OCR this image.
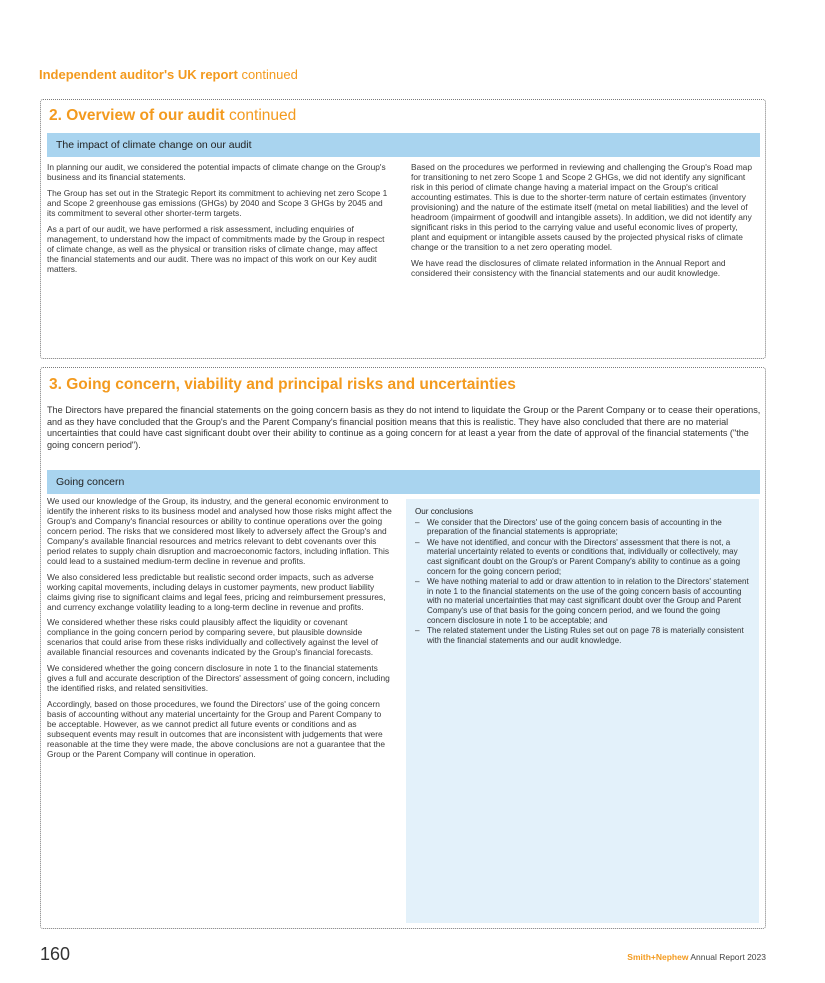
Independent auditor's UK report continued
2. Overview of our audit continued
The impact of climate change on our audit

In planning our audit, we considered the potential impacts of climate change on the Group's business and its financial statements.

The Group has set out in the Strategic Report its commitment to achieving net zero Scope 1 and Scope 2 greenhouse gas emissions (GHGs) by 2040 and Scope 3 GHGs by 2045 and its commitment to several other shorter-term targets.

As a part of our audit, we have performed a risk assessment, including enquiries of management, to understand how the impact of commitments made by the Group in respect of climate change, as well as the physical or transition risks of climate change, may affect the financial statements and our audit. There was no impact of this work on our Key audit matters.

Based on the procedures we performed in reviewing and challenging the Group's Road map for transitioning to net zero Scope 1 and Scope 2 GHGs, we did not identify any significant risk in this period of climate change having a material impact on the Group's critical accounting estimates. This is due to the shorter-term nature of certain estimates (inventory provisioning) and the nature of the estimate itself (metal on metal liabilities) and the level of headroom (impairment of goodwill and intangible assets). In addition, we did not identify any significant risks in this period to the carrying value and useful economic lives of property, plant and equipment or intangible assets caused by the projected physical risks of climate change or the transition to a net zero operating model.

We have read the disclosures of climate related information in the Annual Report and considered their consistency with the financial statements and our audit knowledge.

3. Going concern, viability and principal risks and uncertainties
The Directors have prepared the financial statements on the going concern basis as they do not intend to liquidate the Group or the Parent Company or to cease their operations, and as they have concluded that the Group's and the Parent Company's financial position means that this is realistic. They have also concluded that there are no material uncertainties that could have cast significant doubt over their ability to continue as a going concern for at least a year from the date of approval of the financial statements ("the going concern period").
Going concern

We used our knowledge of the Group, its industry, and the general economic environment to identify the inherent risks to its business model and analysed how those risks might affect the Group's and Company's financial resources or ability to continue operations over the going concern period. The risks that we considered most likely to adversely affect the Group's and Company's available financial resources and metrics relevant to debt covenants over this period relates to supply chain disruption and macroeconomic factors, including inflation. This could lead to a sustained medium-term decline in revenue and profits.

We also considered less predictable but realistic second order impacts, such as adverse working capital movements, including delays in customer payments, new product liability claims giving rise to significant claims and legal fees, pricing and reimbursement pressures, and currency exchange volatility leading to a long-term decline in revenue and profits.

We considered whether these risks could plausibly affect the liquidity or covenant compliance in the going concern period by comparing severe, but plausible downside scenarios that could arise from these risks individually and collectively against the level of available financial resources and covenants indicated by the Group's financial forecasts.

We considered whether the going concern disclosure in note 1 to the financial statements gives a full and accurate description of the Directors' assessment of going concern, including the identified risks, and related sensitivities.

Accordingly, based on those procedures, we found the Directors' use of the going concern basis of accounting without any material uncertainty for the Group and Parent Company to be acceptable. However, as we cannot predict all future events or conditions and as subsequent events may result in outcomes that are inconsistent with judgements that were reasonable at the time they were made, the above conclusions are not a guarantee that the Group or the Parent Company will continue in operation.

Our conclusions
– We consider that the Directors' use of the going concern basis of accounting in the preparation of the financial statements is appropriate;
– We have not identified, and concur with the Directors' assessment that there is not, a material uncertainty related to events or conditions that, individually or collectively, may cast significant doubt on the Group's or Parent Company's ability to continue as a going concern for the going concern period;
– We have nothing material to add or draw attention to in relation to the Directors' statement in note 1 to the financial statements on the use of the going concern basis of accounting with no material uncertainties that may cast significant doubt over the Group and Parent Company's use of that basis for the going concern period, and we found the going concern disclosure in note 1 to be acceptable; and
– The related statement under the Listing Rules set out on page 78 is materially consistent with the financial statements and our audit knowledge.
160	Smith+Nephew Annual Report 2023
